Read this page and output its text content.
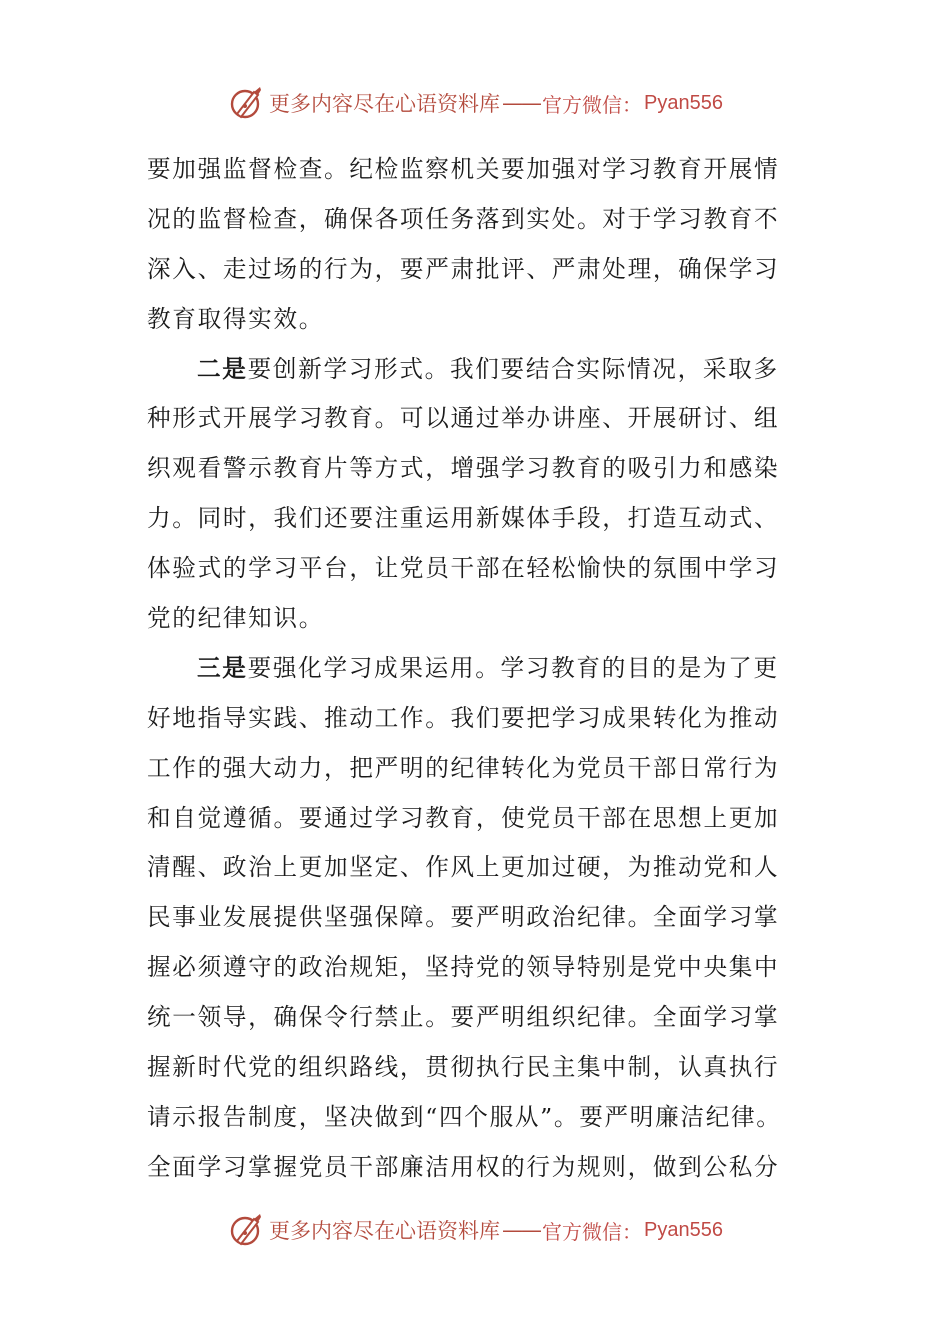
更多内容尽在心语资料库 —— 官方微信： Pyan556
要加强监督检查。纪检监察机关要加强对学习教育开展情
况的监督检查，确保各项任务落到实处。对于学习教育不
深入、走过场的行为，要严肃批评、严肃处理，确保学习
教育取得实效。
二是要创新学习形式。我们要结合实际情况，采取多
种形式开展学习教育。可以通过举办讲座、开展研讨、组
织观看警示教育片等方式，增强学习教育的吸引力和感染
力。同时，我们还要注重运用新媒体手段，打造互动式、
体验式的学习平台，让党员干部在轻松愉快的氛围中学习
党的纪律知识。
三是要强化学习成果运用。学习教育的目的是为了更
好地指导实践、推动工作。我们要把学习成果转化为推动
工作的强大动力，把严明的纪律转化为党员干部日常行为
和自觉遵循。要通过学习教育，使党员干部在思想上更加
清醒、政治上更加坚定、作风上更加过硬，为推动党和人
民事业发展提供坚强保障。要严明政治纪律。全面学习掌
握必须遵守的政治规矩，坚持党的领导特别是党中央集中
统一领导，确保令行禁止。要严明组织纪律。全面学习掌
握新时代党的组织路线，贯彻执行民主集中制，认真执行
请示报告制度，坚决做到“四个服从”。要严明廉洁纪律。
全面学习掌握党员干部廉洁用权的行为规则，做到公私分
更多内容尽在心语资料库 —— 官方微信： Pyan556
